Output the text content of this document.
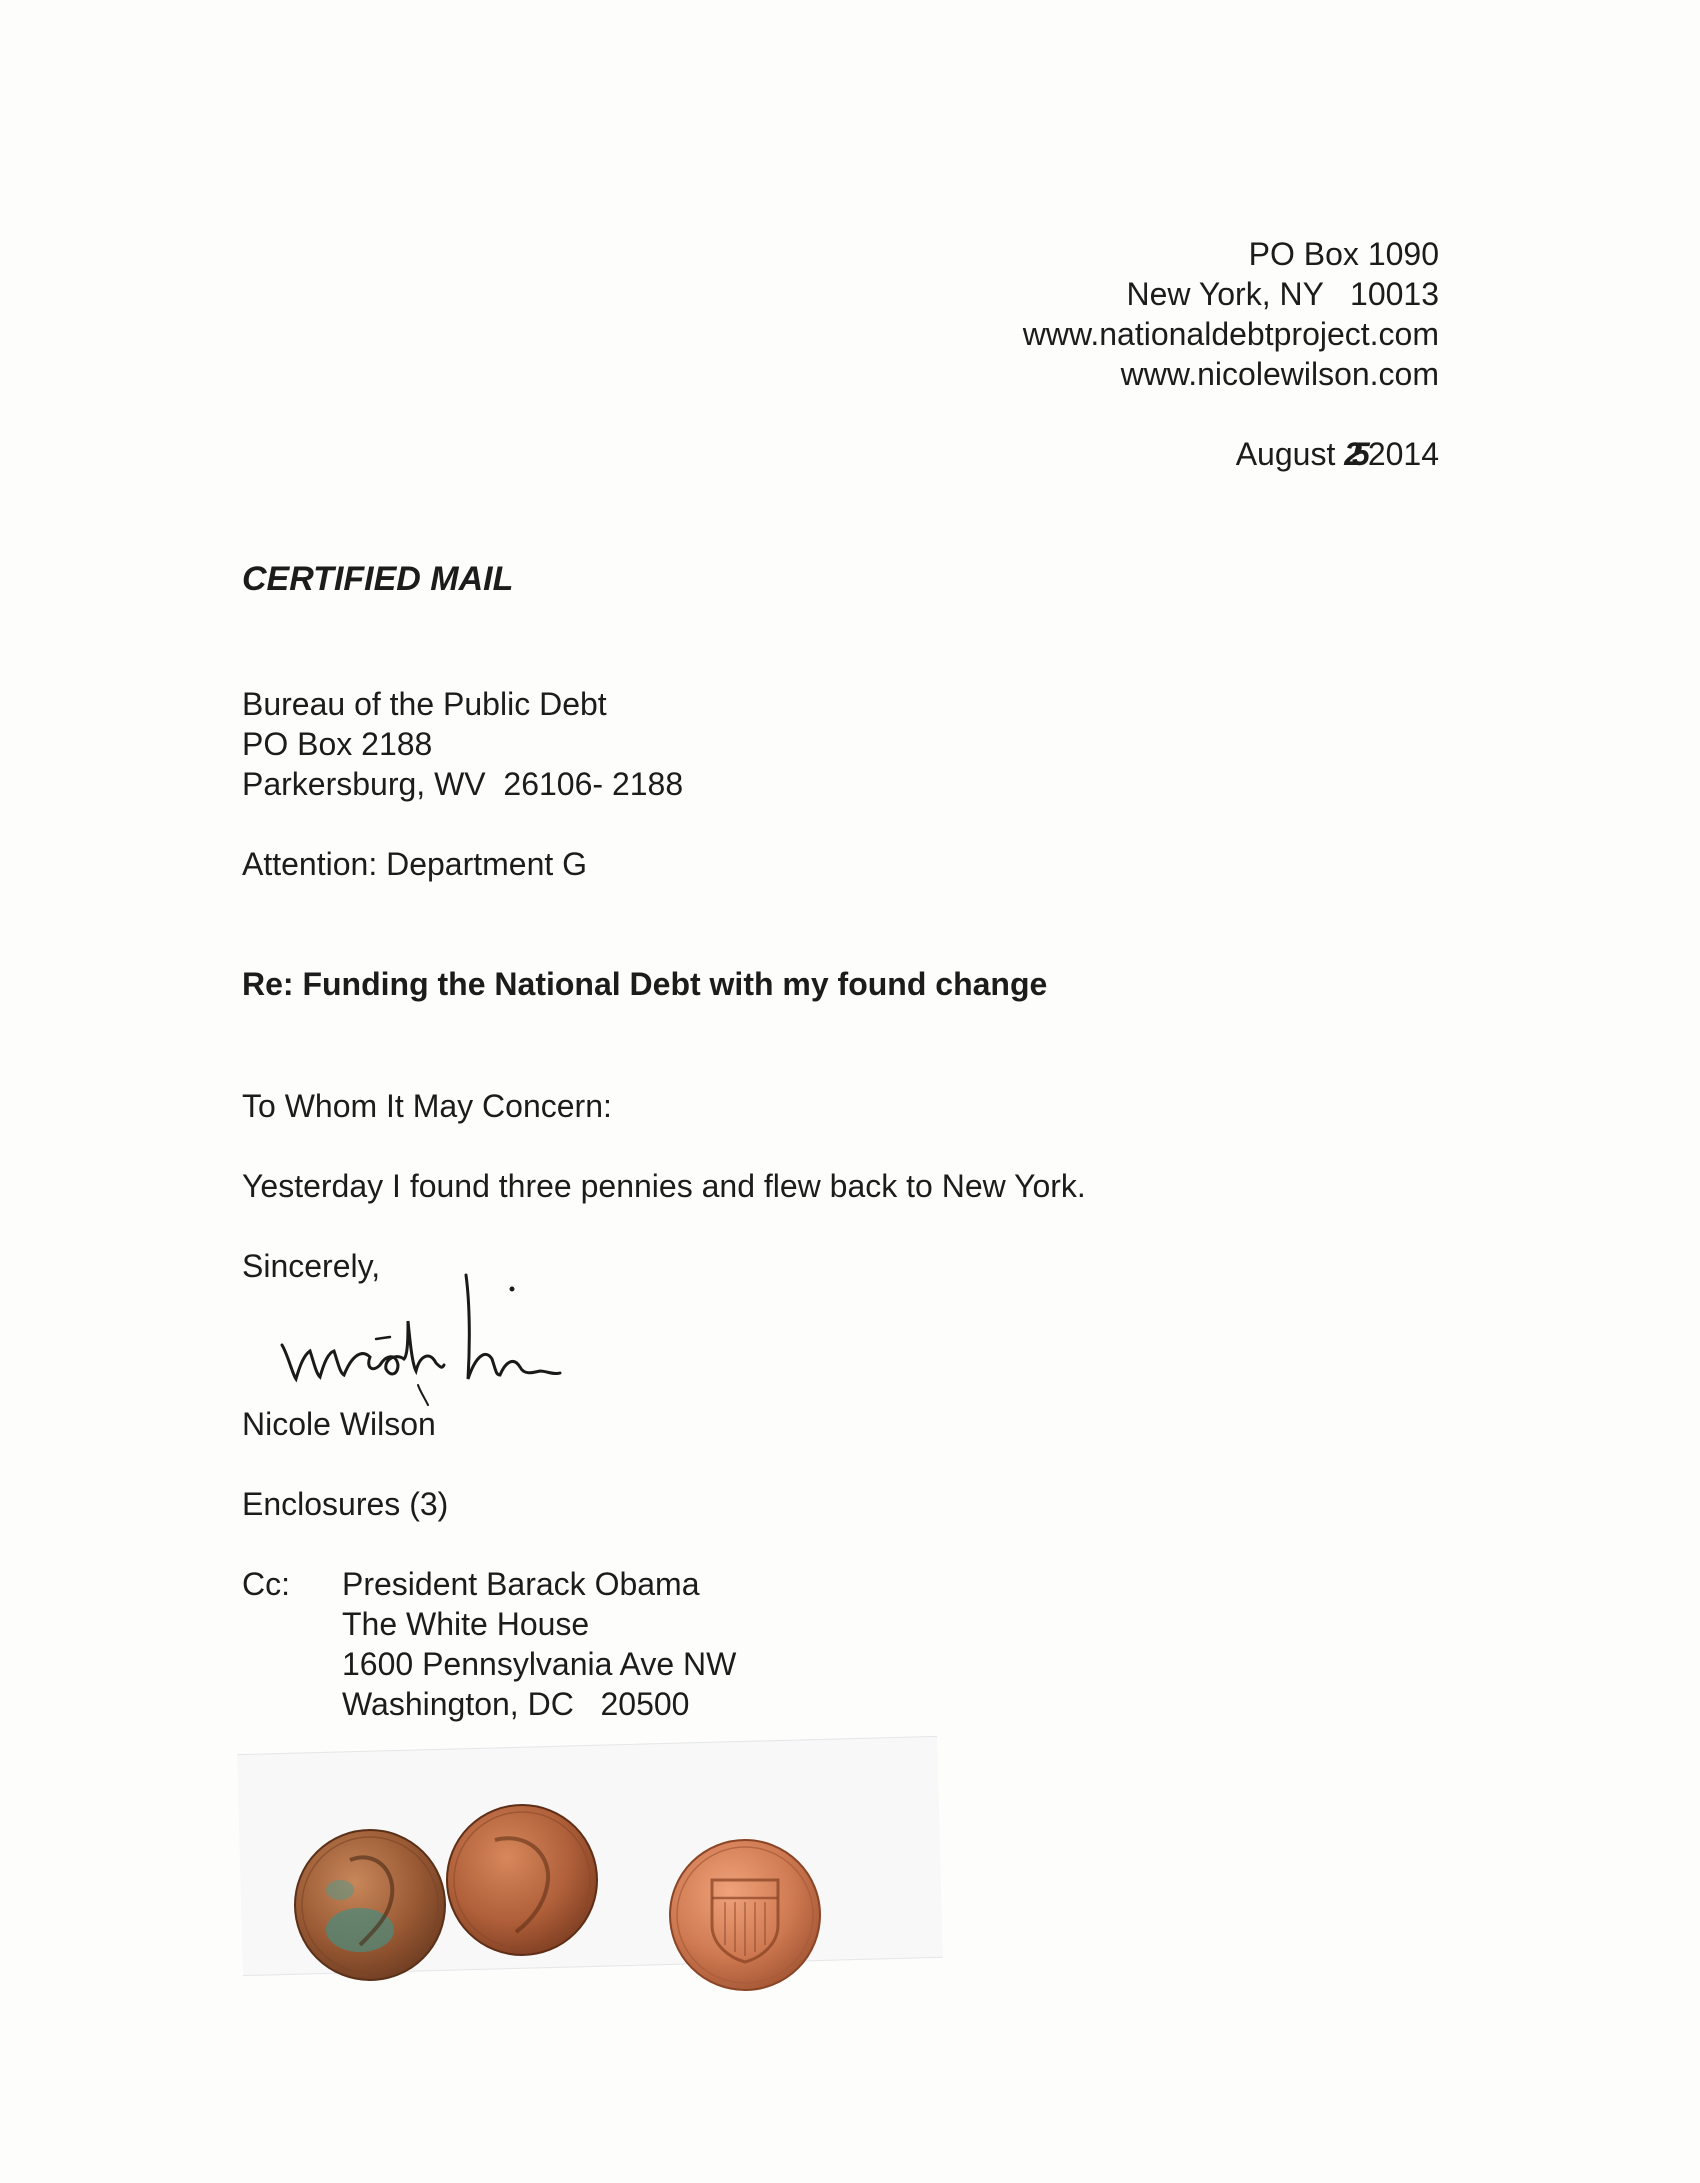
PO Box 1090
New York, NY   10013
www.nationaldebtproject.com
www.nicolewilson.com
August 25 2014
CERTIFIED MAIL
Bureau of the Public Debt
PO Box 2188
Parkersburg, WV  26106- 2188
Attention: Department G
Re: Funding the National Debt with my found change
To Whom It May Concern:
Yesterday I found three pennies and flew back to New York.
Sincerely,
Nicole Wilson
Enclosures (3)
Cc: President Barack Obama
The White House
1600 Pennsylvania Ave NW
Washington, DC   20500
